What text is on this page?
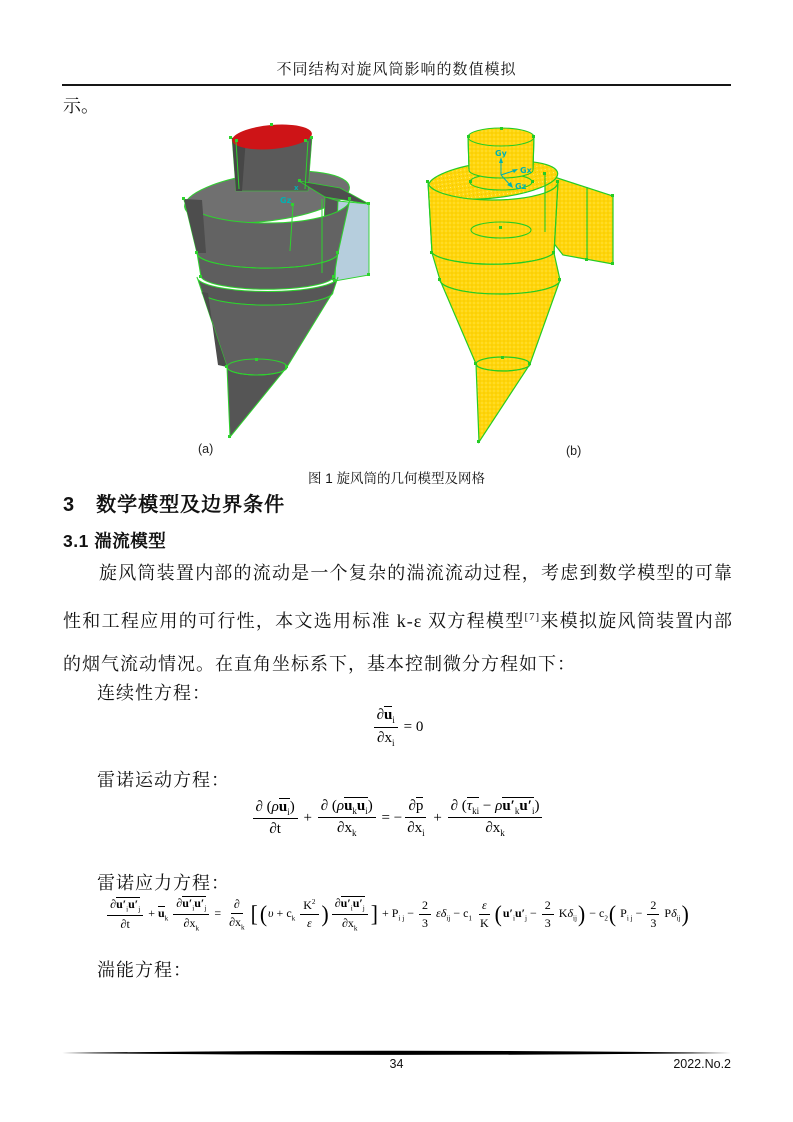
不同结构对旋风筒影响的数值模拟
示。
x
Gz
Gy
Gx
Gz
(a)	(b)
图 1 旋风筒的几何模型及网格
3　数学模型及边界条件
3.1 湍流模型

旋风筒装置内部的流动是一个复杂的湍流流动过程，考虑到数学模型的可靠性和工程应用的可行性，本文选用标准 k-ε 双方程模型[7]来模拟旋风筒装置内部的烟气流动情况。在直角坐标系下，基本控制微分方程如下：

连续性方程：
$\frac{\partial u_i}{\partial x_i} = 0$
雷诺运动方程：
$\frac{\partial (\rho u_i)}{\partial t} + \frac{\partial (\rho u_ku_i)}{\partial x_k}$ = − $\frac{\partial p}{\partial x_i} + \frac{\partial (\tau_{ki} - \rho u'_ku'_i)}{\partial x_k}$
雷诺应力方程：
$\frac{\partial u'_iu'_j}{\partial t} + u_k \frac{\partial u'_iu'_j}{\partial x_k} = \frac{\partial}{\partial x_k} [(\upsilon + c_k \frac{K^2}{\varepsilon}$ ) $\frac{\partial u'_iu'_j}{\partial x_k}$ ] + $P_{i j} - \frac{2}{3} \varepsilon\delta_{ij} - c_1 \frac{\varepsilon}{K} (u'_iu'_j - \frac{2}{3} K\delta_{ij}) - c_2$( $P_{i j} - \frac{2}{3} P\delta_{ij}$)
湍能方程：
34	2022.No.2
